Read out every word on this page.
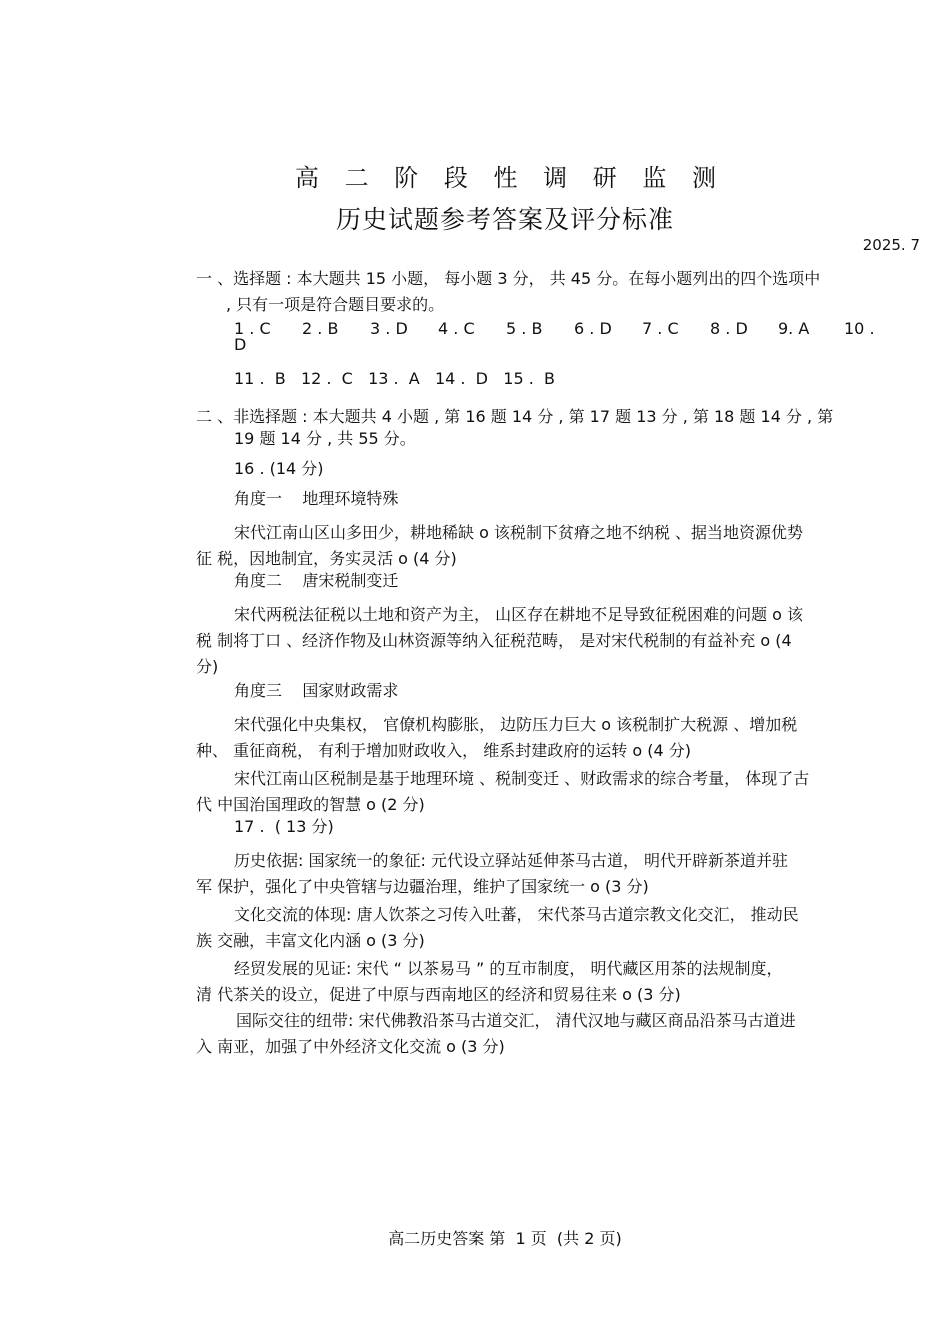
高 二 阶 段 性 调 研 监 测
历史试题参考答案及评分标准
2025. 7
一 、选择题 : 本大题共 15 小题， 每小题 3 分， 共 45 分。在每小题列出的四个选项中
, 只有一项是符合题目要求的。
1 . C 2 . B 3 . D 4 . C 5 . B 6 . D 7 . C 8 . D 9. A 10 .
D
11 .  B   12 .  C   13 .  A   14 .  D   15 .  B
二 、非选择题 : 本大题共 4 小题 , 第 16 题 14 分 , 第 17 题 13 分 , 第 18 题 14 分 , 第
19 题 14 分 , 共 55 分。
16 . (14 分)
角度一    地理环境特殊
宋代江南山区山多田少，耕地稀缺 ο 该税制下贫瘠之地不纳税 、据当地资源优势
征 税，因地制宜，务实灵活 ο (4 分)
角度二    唐宋税制变迁
宋代两税法征税以土地和资产为主， 山区存在耕地不足导致征税困难的问题 ο 该
税 制将丁口 、经济作物及山林资源等纳入征税范畴， 是对宋代税制的有益补充 ο (4
分)
角度三    国家财政需求
宋代强化中央集权， 官僚机构膨胀， 边防压力巨大 ο 该税制扩大税源 、增加税
种、 重征商税， 有利于增加财政收入， 维系封建政府的运转 ο (4 分)
宋代江南山区税制是基于地理环境 、税制变迁 、财政需求的综合考量， 体现了古
代 中国治国理政的智慧 ο (2 分)
17 .  ( 13 分)
历史依据: 国家统一的象征: 元代设立驿站延伸茶马古道， 明代开辟新茶道并驻
军 保护，强化了中央管辖与边疆治理，维护了国家统一 ο (3 分)
文化交流的体现: 唐人饮茶之习传入吐蕃， 宋代茶马古道宗教文化交汇， 推动民
族 交融，丰富文化内涵 ο (3 分)
经贸发展的见证: 宋代 “ 以茶易马 ” 的互市制度， 明代藏区用茶的法规制度，
清 代茶关的设立，促进了中原与西南地区的经济和贸易往来 ο (3 分)
国际交往的纽带: 宋代佛教沿茶马古道交汇， 清代汉地与藏区商品沿茶马古道进
入 南亚，加强了中外经济文化交流 ο (3 分)
高二历史答案 第  1 页  (共 2 页)
